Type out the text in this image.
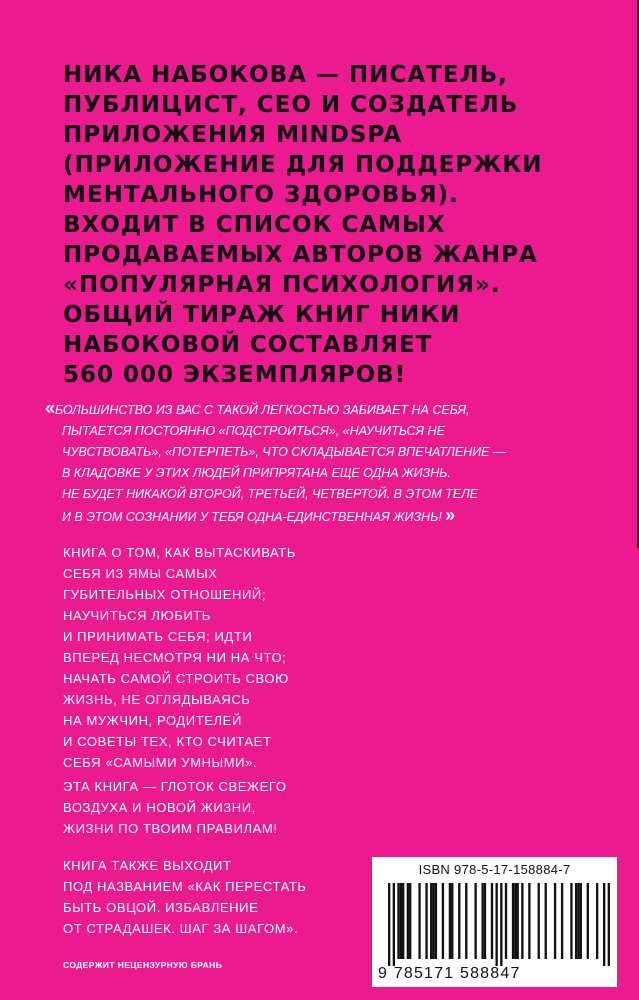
НИКА НАБОКОВА — ПИСАТЕЛЬ,
ПУБЛИЦИСТ, CEO И СОЗДАТЕЛЬ
ПРИЛОЖЕНИЯ MINDSPA
(ПРИЛОЖЕНИЕ ДЛЯ ПОДДЕРЖКИ
МЕНТАЛЬНОГО ЗДОРОВЬЯ).
ВХОДИТ В СПИСОК САМЫХ
ПРОДАВАЕМЫХ АВТОРОВ ЖАНРА
«ПОПУЛЯРНАЯ ПСИХОЛОГИЯ».
ОБЩИЙ ТИРАЖ КНИГ НИКИ
НАБОКОВОЙ СОСТАВЛЯЕТ
560 000 ЭКЗЕМПЛЯРОВ!
«БОЛЬШИНСТВО ИЗ ВАС С ТАКОЙ ЛЕГКОСТЬЮ ЗАБИВАЕТ НА СЕБЯ,
ПЫТАЕТСЯ ПОСТОЯННО «ПОДСТРОИТЬСЯ», «НАУЧИТЬСЯ НЕ
ЧУВСТВОВАТЬ», «ПОТЕРПЕТЬ», ЧТО СКЛАДЫВАЕТСЯ ВПЕЧАТЛЕНИЕ —
В КЛАДОВКЕ У ЭТИХ ЛЮДЕЙ ПРИПРЯТАНА ЕЩЕ ОДНА ЖИЗНЬ.
НЕ БУДЕТ НИКАКОЙ ВТОРОЙ, ТРЕТЬЕЙ, ЧЕТВЕРТОЙ. В ЭТОМ ТЕЛЕ
И В ЭТОМ СОЗНАНИИ У ТЕБЯ ОДНА-ЕДИНСТВЕННАЯ ЖИЗНЬ! »
КНИГА О ТОМ, КАК ВЫТАСКИВАТЬ
СЕБЯ ИЗ ЯМЫ САМЫХ
ГУБИТЕЛЬНЫХ ОТНОШЕНИЙ;
НАУЧИТЬСЯ ЛЮБИТЬ
И ПРИНИМАТЬ СЕБЯ; ИДТИ
ВПЕРЕД НЕСМОТРЯ НИ НА ЧТО;
НАЧАТЬ САМОЙ СТРОИТЬ СВОЮ
ЖИЗНЬ, НЕ ОГЛЯДЫВАЯСЬ
НА МУЖЧИН, РОДИТЕЛЕЙ
И СОВЕТЫ ТЕХ, КТО СЧИТАЕТ
СЕБЯ «САМЫМИ УМНЫМИ».
ЭТА КНИГА — ГЛОТОК СВЕЖЕГО
ВОЗДУХА И НОВОЙ ЖИЗНИ,
ЖИЗНИ ПО ТВОИМ ПРАВИЛАМ!
КНИГА ТАКЖЕ ВЫХОДИТ
ПОД НАЗВАНИЕМ «КАК ПЕРЕСТАТЬ
БЫТЬ ОВЦОЙ. ИЗБАВЛЕНИЕ
ОТ СТРАДАШЕК. ШАГ ЗА ШАГОМ».
СОДЕРЖИТ НЕЦЕНЗУРНУЮ БРАНЬ
ISBN 978-5-17-158884-7
9 785171 588847
